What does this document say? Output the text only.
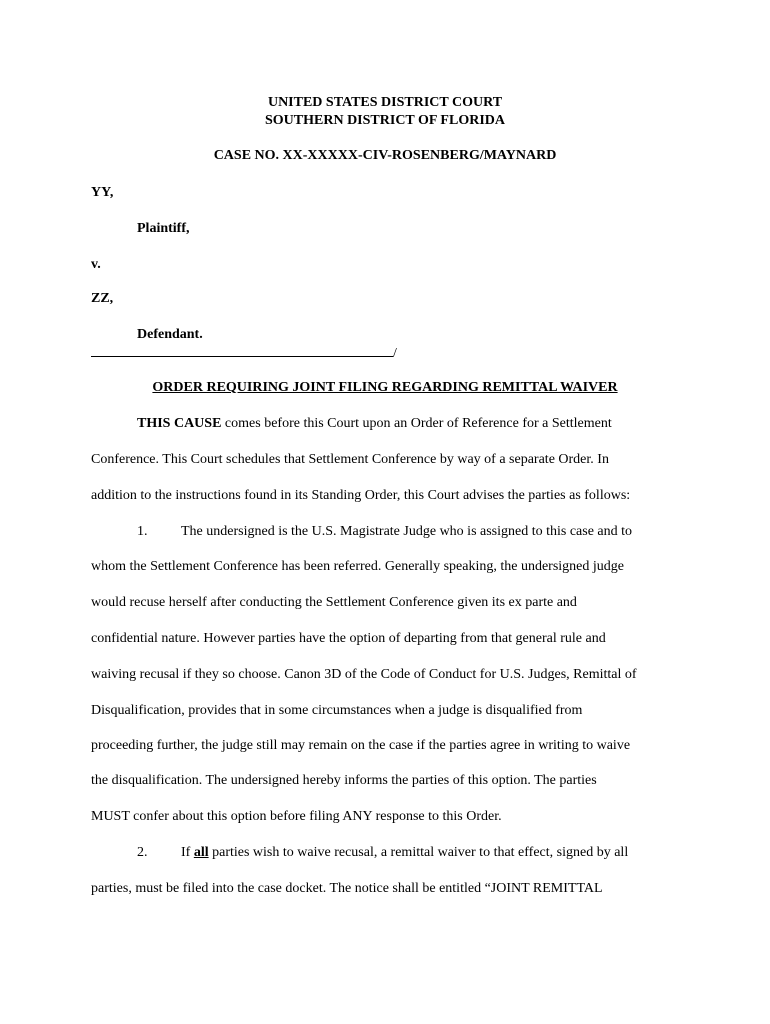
UNITED STATES DISTRICT COURT
SOUTHERN DISTRICT OF FLORIDA
CASE NO. XX-XXXXX-CIV-ROSENBERG/MAYNARD
YY,
Plaintiff,
v.
ZZ,
Defendant.
/
ORDER REQUIRING JOINT FILING REGARDING REMITTAL WAIVER
THIS CAUSE comes before this Court upon an Order of Reference for a Settlement
Conference. This Court schedules that Settlement Conference by way of a separate Order. In
addition to the instructions found in its Standing Order, this Court advises the parties as follows:
1. The undersigned is the U.S. Magistrate Judge who is assigned to this case and to
whom the Settlement Conference has been referred. Generally speaking, the undersigned judge
would recuse herself after conducting the Settlement Conference given its ex parte and
confidential nature. However parties have the option of departing from that general rule and
waiving recusal if they so choose. Canon 3D of the Code of Conduct for U.S. Judges, Remittal of
Disqualification, provides that in some circumstances when a judge is disqualified from
proceeding further, the judge still may remain on the case if the parties agree in writing to waive
the disqualification. The undersigned hereby informs the parties of this option. The parties
MUST confer about this option before filing ANY response to this Order.
2. If all parties wish to waive recusal, a remittal waiver to that effect, signed by all
parties, must be filed into the case docket. The notice shall be entitled “JOINT REMITTAL
